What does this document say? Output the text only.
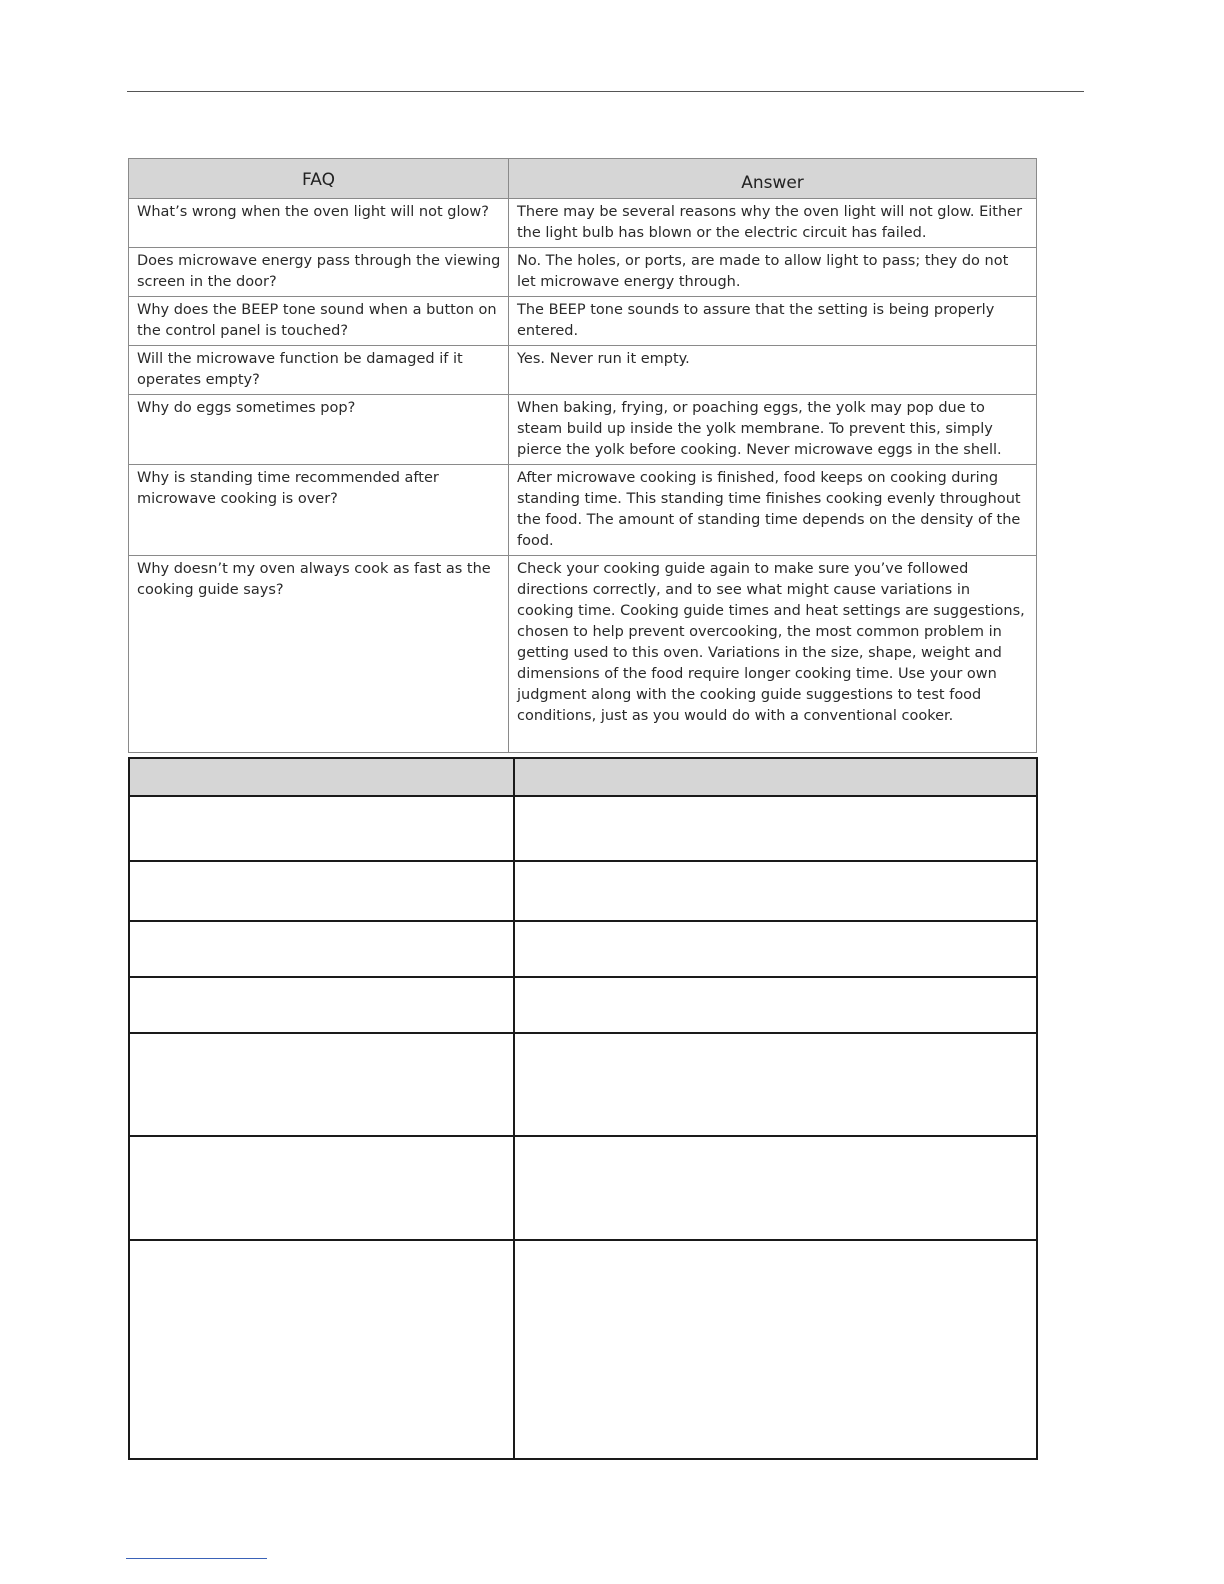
FAQ	Answer
What’s wrong when the oven light will not glow?	There may be several reasons why the oven light will not glow. Either the light bulb has blown or the electric circuit has failed.
Does microwave energy pass through the viewing screen in the door?	No. The holes, or ports, are made to allow light to pass; they do not let microwave energy through.
Why does the BEEP tone sound when a button on the control panel is touched?	The BEEP tone sounds to assure that the setting is being properly entered.
Will the microwave function be damaged if it operates empty?	Yes. Never run it empty.
Why do eggs sometimes pop?	When baking, frying, or poaching eggs, the yolk may pop due to steam build up inside the yolk membrane. To prevent this, simply pierce the yolk before cooking. Never microwave eggs in the shell.
Why is standing time recommended after microwave cooking is over?	After microwave cooking is finished, food keeps on cooking during standing time. This standing time finishes cooking evenly throughout the food. The amount of standing time depends on the density of the food.
Why doesn’t my oven always cook as fast as the cooking guide says?	Check your cooking guide again to make sure you’ve followed directions correctly, and to see what might cause variations in cooking time. Cooking guide times and heat settings are suggestions, chosen to help prevent overcooking, the most common problem in getting used to this oven. Variations in the size, shape, weight and dimensions of the food require longer cooking time. Use your own judgment along with the cooking guide suggestions to test food conditions, just as you would do with a conventional cooker.
